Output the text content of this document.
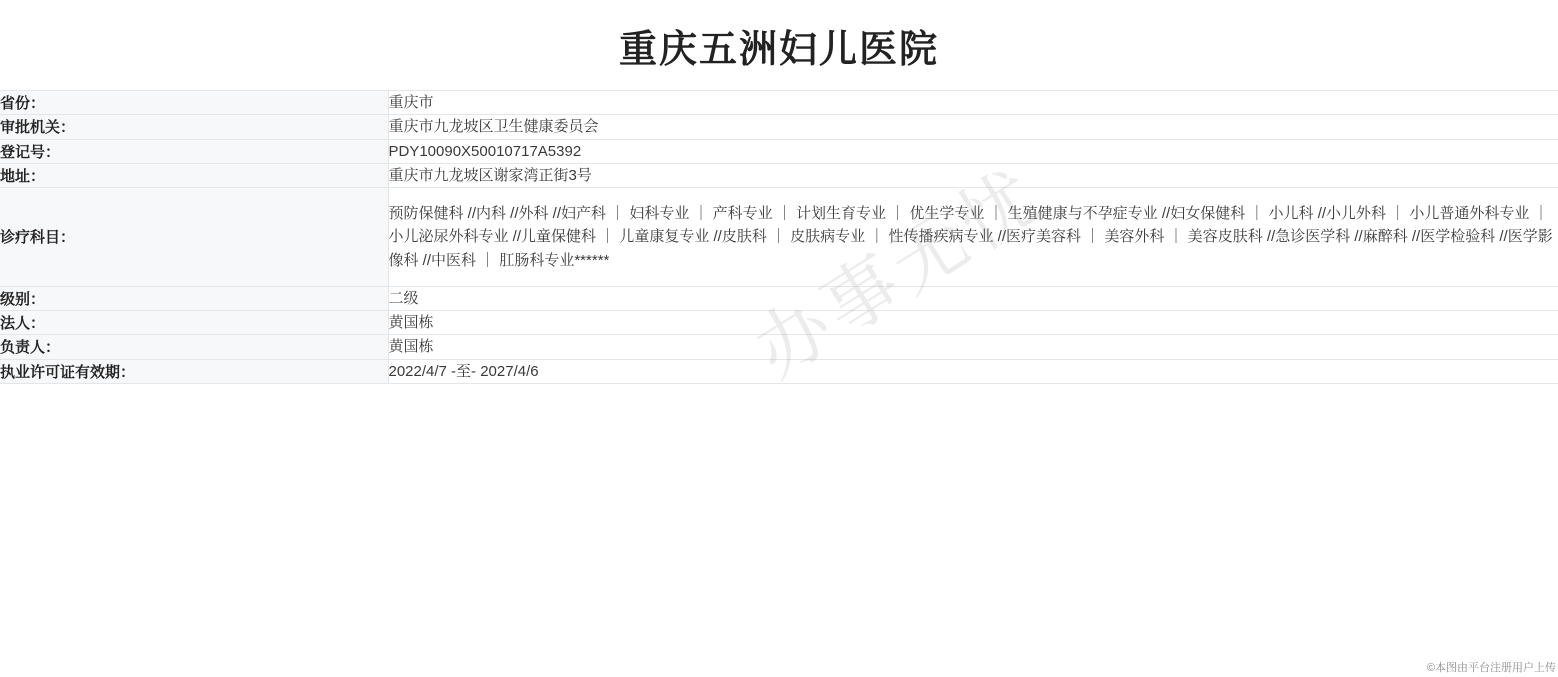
重庆五洲妇儿医院
省份：	重庆市
审批机关：	重庆市九龙坡区卫生健康委员会
登记号：	PDY10090X50010717A5392
地址：	重庆市九龙坡区谢家湾正街3号
诊疗科目：	预防保健科 //内科 //外科 //妇产科 ｜ 妇科专业 ｜ 产科专业 ｜ 计划生育专业 ｜ 优生学专业 ｜ 生殖健康与不孕症专业 //妇女保健科 ｜ 小儿科 //小儿外科 ｜ 小儿普通外科专业 ｜ 小儿泌尿外科专业 //儿童保健科 ｜ 儿童康复专业 //皮肤科 ｜ 皮肤病专业 ｜ 性传播疾病专业 //医疗美容科 ｜ 美容外科 ｜ 美容皮肤科 //急诊医学科 //麻醉科 //医学检验科 //医学影像科 //中医科 ｜ 肛肠科专业******
级别：	二级
法人：	黄国栋
负责人：	黄国栋
执业许可证有效期：	2022/4/7 -至- 2027/4/6
©本图由平台注册用户上传
